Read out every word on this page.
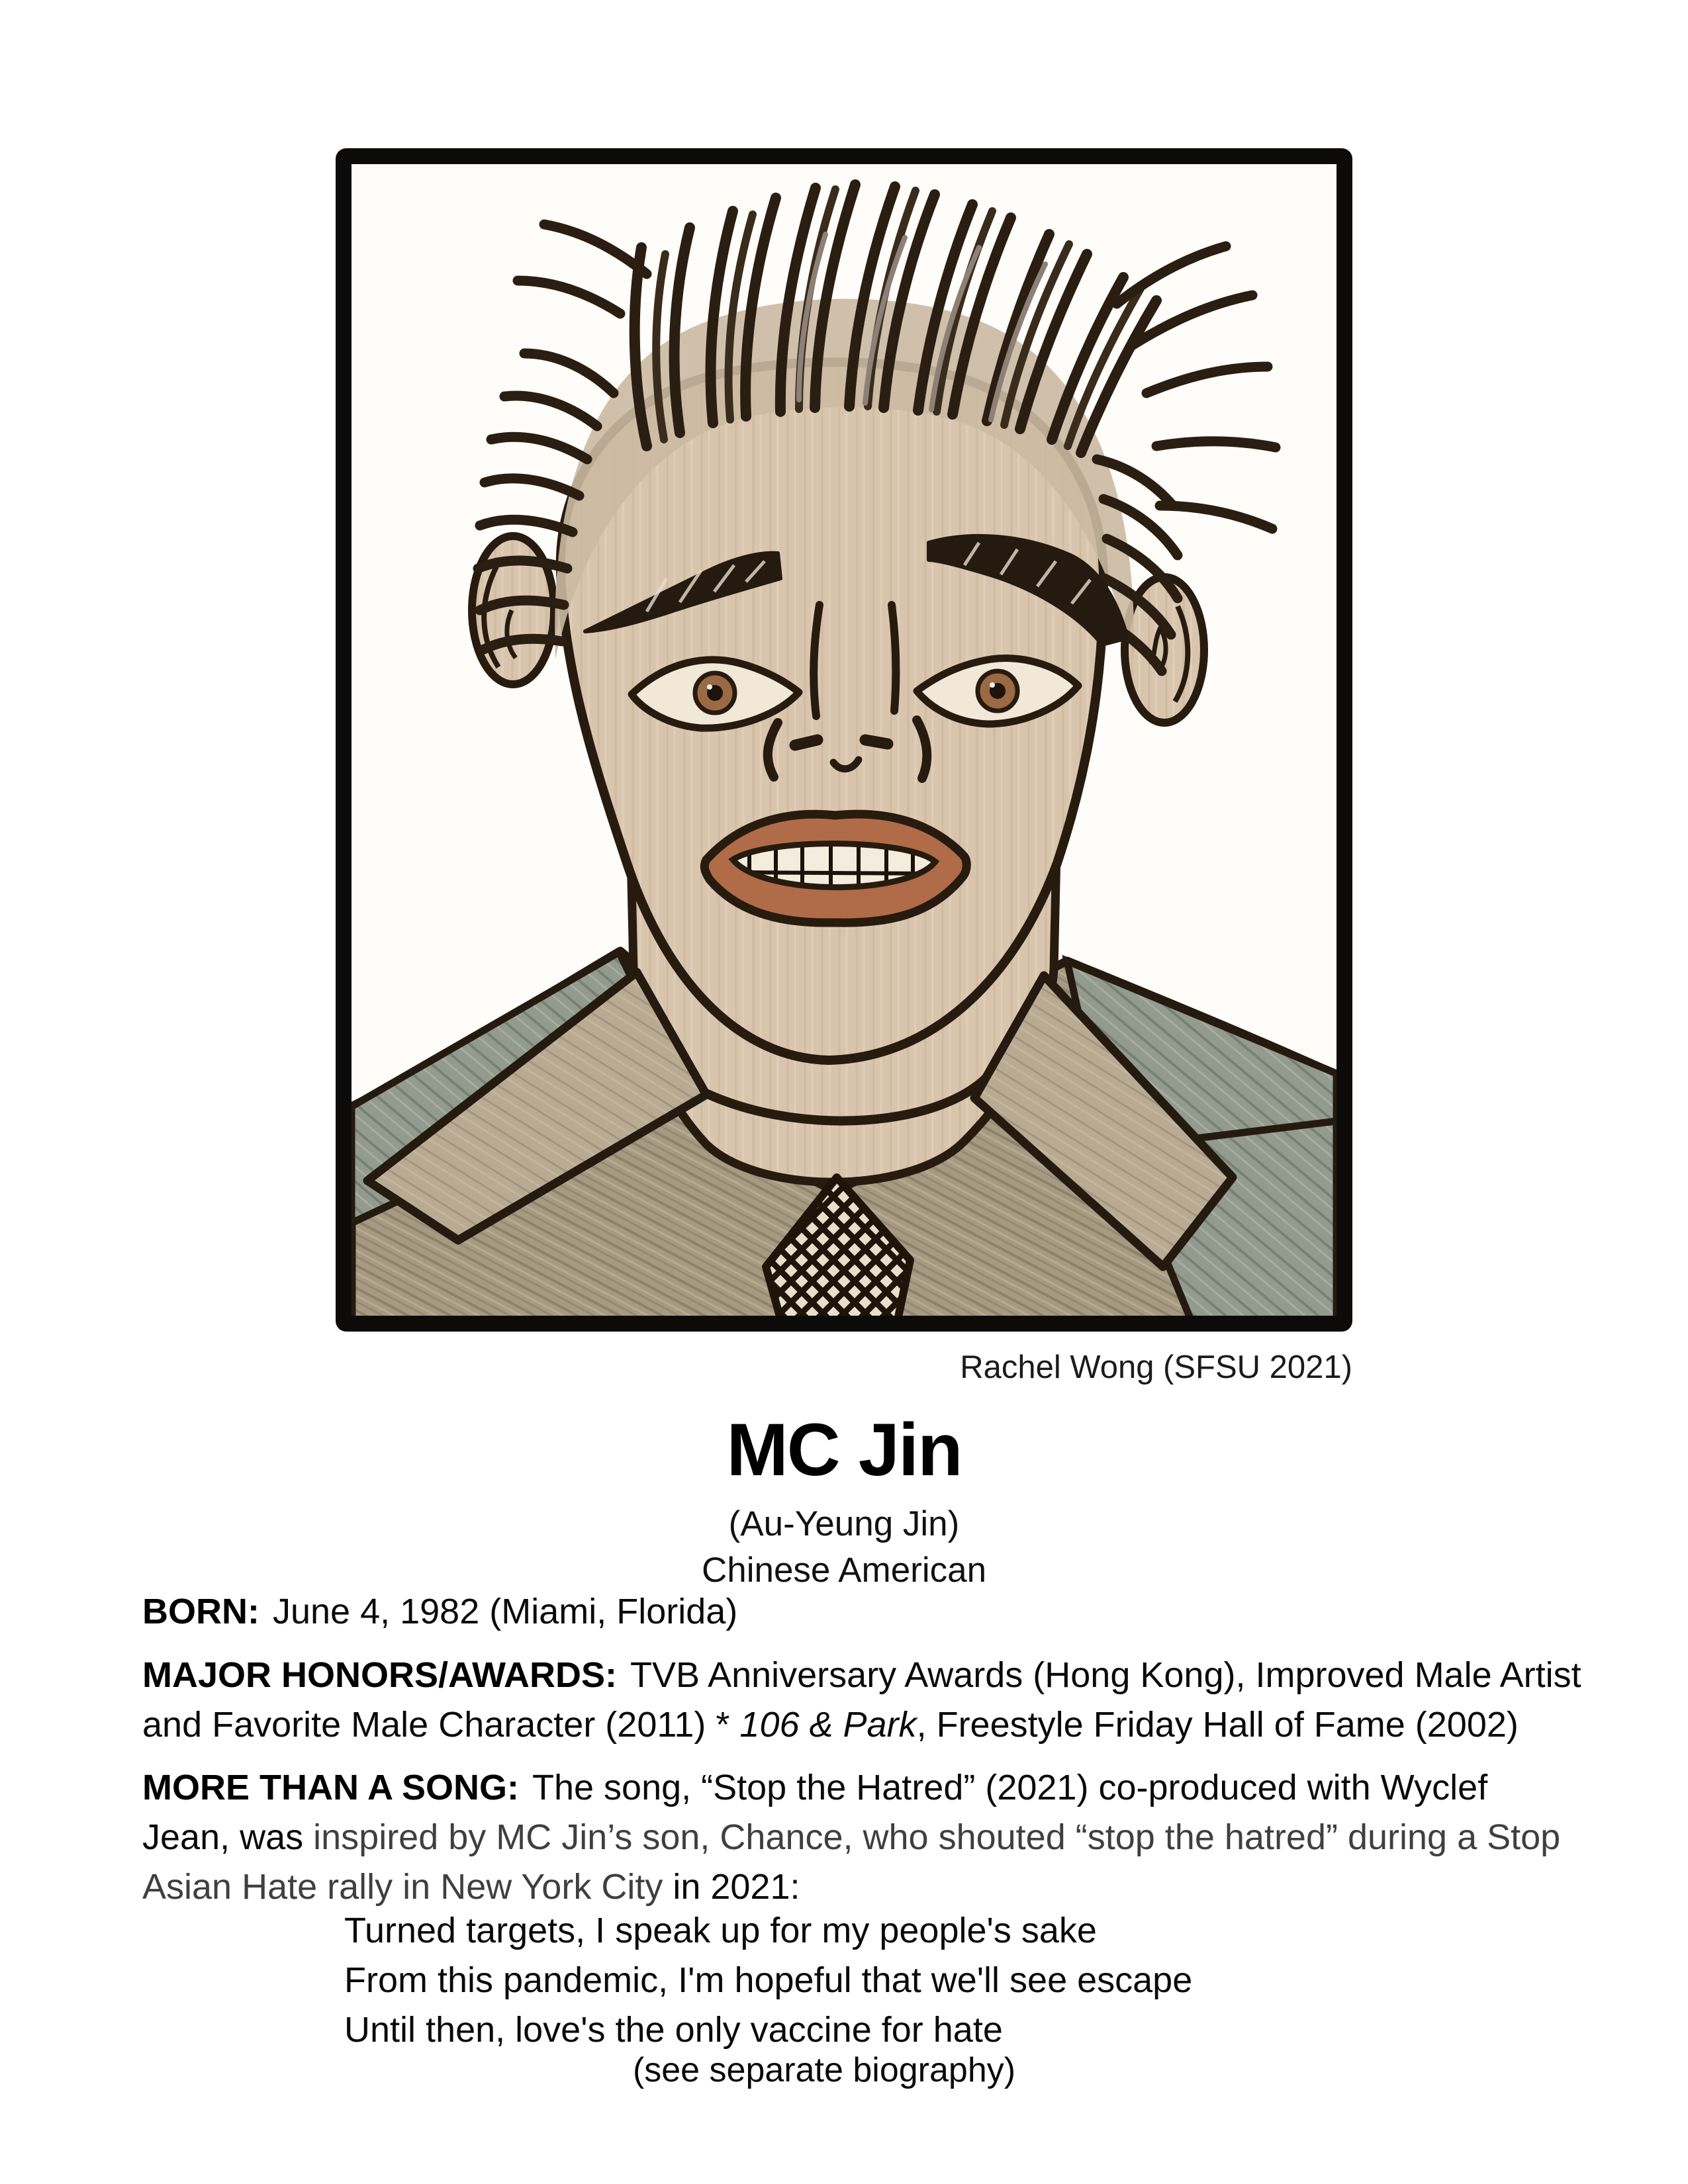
Rachel Wong (SFSU 2021)
MC Jin
(Au-Yeung Jin)
Chinese American
BORN: June 4, 1982 (Miami, Florida)
MAJOR HONORS/AWARDS: TVB Anniversary Awards (Hong Kong), Improved Male Artist
and Favorite Male Character (2011) * 106 & Park, Freestyle Friday Hall of Fame (2002)
MORE THAN A SONG: The song, “Stop the Hatred” (2021) co-produced with Wyclef
Jean, was inspired by MC Jin’s son, Chance, who shouted “stop the hatred” during a Stop
Asian Hate rally in New York City in 2021:
Turned targets, I speak up for my people's sake
From this pandemic, I'm hopeful that we'll see escape
Until then, love's the only vaccine for hate
(see separate biography)
